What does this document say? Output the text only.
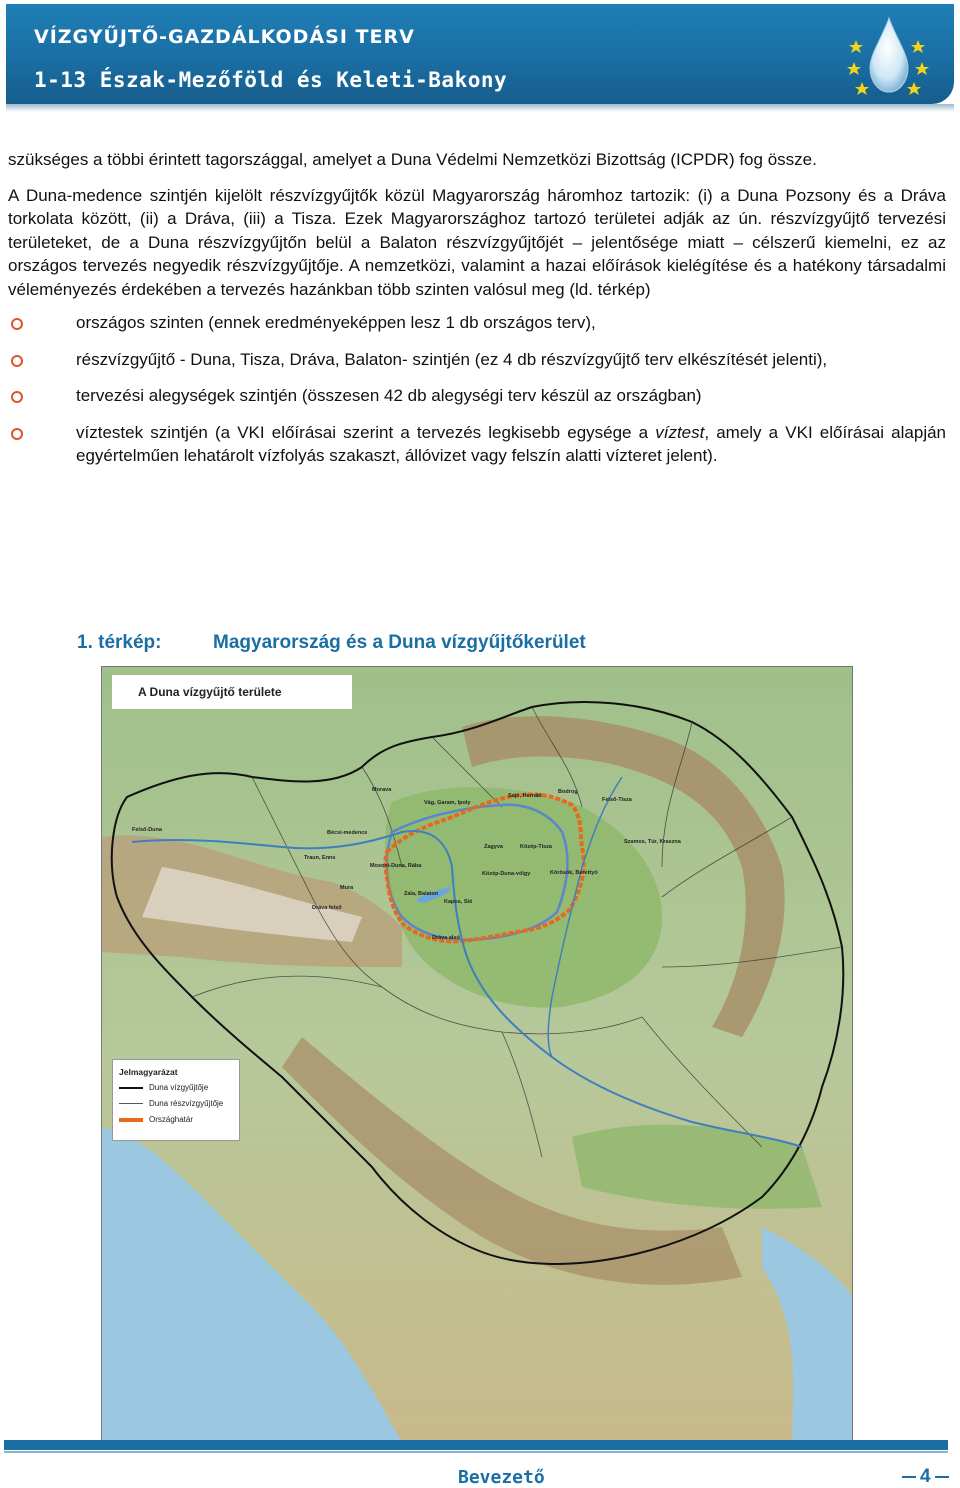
VÍZGYŰJTŐ-GAZDÁLKODÁSI TERV
1-13 Észak-Mezőföld és Keleti-Bakony

szükséges a többi érintett tagországgal, amelyet a Duna Védelmi Nemzetközi Bizottság (ICPDR) fog össze.

A Duna-medence szintjén kijelölt részvízgyűjtők közül Magyarország háromhoz tartozik: (i) a Duna Pozsony és a Dráva torkolata között, (ii) a Dráva, (iii) a Tisza. Ezek Magyarországhoz tartozó területei adják az ún. részvízgyűjtő tervezési területeket, de a Duna részvízgyűjtőn belül a Balaton részvízgyűjtőjét – jelentősége miatt – célszerű kiemelni, ez az országos tervezés negyedik részvízgyűjtője. A nemzetközi, valamint a hazai előírások kielégítése és a hatékony társadalmi véleményezés érdekében a tervezés hazánkban több szinten valósul meg (ld. térkép)

országos szinten (ennek eredményeképpen lesz 1 db országos terv),
részvízgyűjtő - Duna, Tisza, Dráva, Balaton- szintjén (ez 4 db részvízgyűjtő terv elkészítését jelenti),
tervezési alegységek szintjén (összesen 42 db alegységi terv készül az országban)
víztestek szintjén (a VKI előírásai szerint a tervezés legkisebb egysége a víztest, amely a VKI előírásai alapján egyértelműen lehatárolt vízfolyás szakaszt, állóvizet vagy felszín alatti vízteret jelent).
1. térkép:	Magyarország és a Duna vízgyűjtőkerület
A Duna vízgyűjtő területe
Morava
Felső-Duna	Bécsi-medence
Vág, Garam, Ipoly
Sajó, Hernád
Bodrog
Felső-Tisza
Zagyva	Közép-Tisza
Szamos, Túr, Kraszna
Traun, Enns
Mosoni-Duna, Rába
Közép-Duna-völgy	Körösök, Berettyó
Mura
Zala, Balaton
Kapos, Sió
Dráva felső
Dráva alsó
Jelmagyarázat
Duna vízgyűjtője
Duna részvízgyűjtője
Országhatár
Bevezető	4
